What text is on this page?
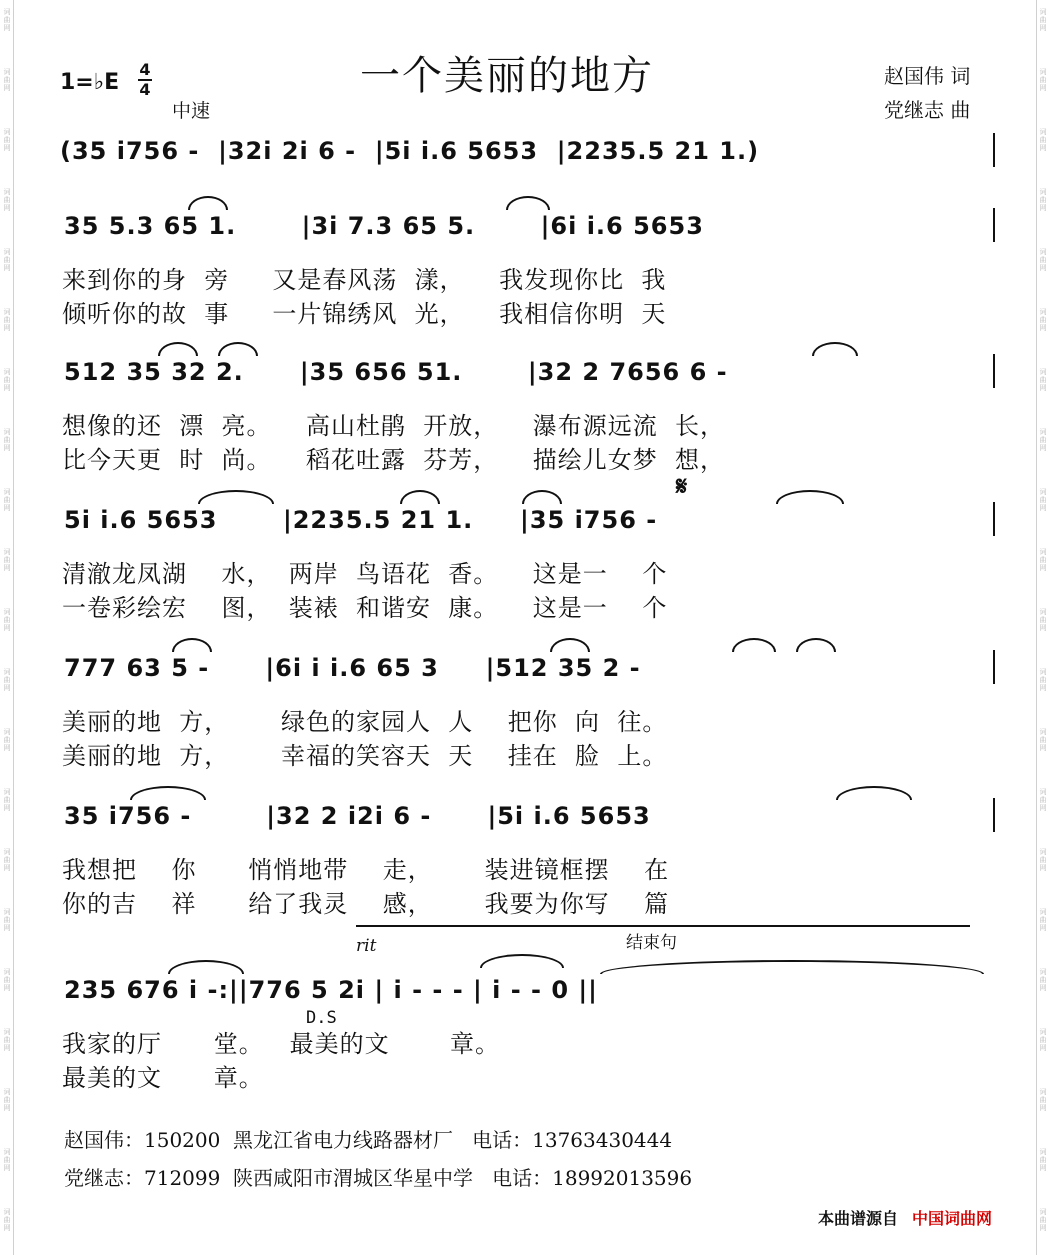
词
曲
网
词
曲
网
词
曲
网
词
曲
网
词
曲
网
词
曲
网
词
曲
网
词
曲
网
词
曲
网
词
曲
网
词
曲
网
词
曲
网
词
曲
网
词
曲
网
词
曲
网
词
曲
网
词
曲
网
词
曲
网
词
曲
网
词
曲
网
词
曲
网
词
曲
网
词
曲
网
词
曲
网
词
曲
网
词
曲
网
词
曲
网
词
曲
网
词
曲
网
词
曲
网
词
曲
网
词
曲
网
词
曲
网
词
曲
网
词
曲
网
词
曲
网
词
曲
网
词
曲
网
词
曲
网
词
曲
网
词
曲
网
词
曲
网
1=♭E
4
4
中速
一个美丽的地方	赵国伟 词
党继志 曲
(35 i756 -  |32i 2i 6 -  |5i i.6 5653  |2235.5 21 1.)
35 5.3 65 1.       |3i 7.3 65 5.       |6i i.6 5653
来到你的身  旁     又是春风荡  漾，    我发现你比  我
倾听你的故  事     一片锦绣风  光，    我相信你明  天
512 35 32 2.      |35 656 51.       |32 2 7656 6 -
想像的还  漂  亮。    高山杜鹃  开放，    瀑布源远流  长，
比今天更  时  尚。    稻花吐露  芬芳，    描绘儿女梦  想，
𝄋
5i i.6 5653       |2235.5 21 1.     |35 i756 -
清澈龙凤湖    水，  两岸  鸟语花  香。    这是一    个
一卷彩绘宏    图，  装裱  和谐安  康。    这是一    个
777 63 5 -      |6i i i.6 65 3     |512 35 2 -
美丽的地  方，      绿色的家园人  人    把你  向  往。
美丽的地  方，      幸福的笑容天  天    挂在  脸  上。
35 i756 -        |32 2 i2i 6 -      |5i i.6 5653
我想把    你      悄悄地带    走，      装进镜框摆    在
你的吉    祥      给了我灵    感，      我要为你写    篇
rit	结束句
235 676 i -:||776 5 2i | i - - - | i - - 0 ||
D.S
我家的厅      堂。   最美的文       章。
最美的文      章。
赵国伟：150200  黑龙江省电力线路器材厂   电话：13763430444
党继志：712099  陕西咸阳市渭城区华星中学   电话：18992013596
本曲谱源自 中国词曲网
